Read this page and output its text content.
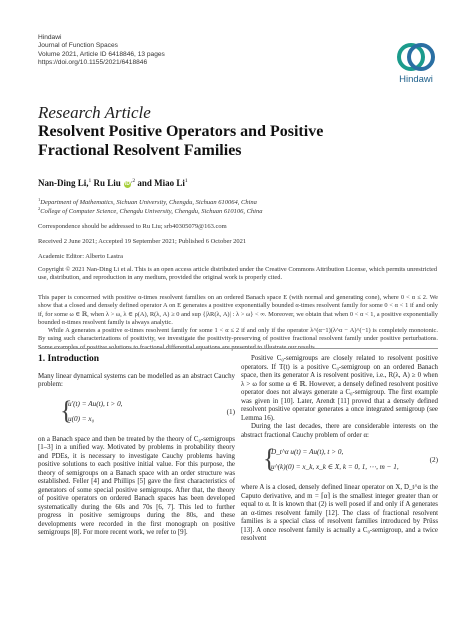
Hindawi
Journal of Function Spaces
Volume 2021, Article ID 6418846, 13 pages
https://doi.org/10.1155/2021/6418846
Hindawi
Research Article
Resolvent Positive Operators and Positive Fractional Resolvent Families
Nan-Ding Li,$^1$ Ru Liu $iD^{,2}$ and Miao Li$^1$
$^1$Department of Mathematics, Sichuan University, Chengdu, Sichuan 610064, China
$^2$College of Computer Science, Chengdu University, Chengdu, Sichuan 610106, China
Correspondence should be addressed to Ru Liu; srb40305079@163.com
Received 2 June 2021; Accepted 19 September 2021; Published 6 October 2021
Academic Editor: Alberto Lastra
Copyright © 2021 Nan-Ding Li et al. This is an open access article distributed under the Creative Commons Attribution License, which permits unrestricted use, distribution, and reproduction in any medium, provided the original work is properly cited.

This paper is concerned with positive α-times resolvent families on an ordered Banach space E (with normal and generating cone), where 0 < α ≤ 2. We show that a closed and densely defined operator A on E generates a positive exponentially bounded α-times resolvent family for some 0 < α < 1 if and only if, for some ω ∈ ℝ, when λ > ω, λ ∈ ρ(A), R(λ, A) ≥ 0 and sup {|λR(λ, A)| : λ > ω} < ∞. Moreover, we obtain that when 0 < α < 1, a positive exponentially bounded α-times resolvent family is always analytic.

While A generates a positive α-times resolvent family for some 1 < α ≤ 2 if and only if the operator λ^(α−1)(λ^α − A)^(−1) is completely monotonic. By using such characterizations of positivity, we investigate the positivity-preserving of positive fractional resolvent family under positive perturbations. Some examples of positive solutions to fractional differential equations are presented to illustrate our results.

1. Introduction

Many linear dynamical systems can be modelled as an abstract Cauchy problem:

{
u′(t) = Au(t), t > 0,
u(0) = x₀
(1)

on a Banach space and then be treated by the theory of C₀-semigroups [1–3] in a unified way. Motivated by problems in probability theory and PDEs, it is necessary to investigate Cauchy problems having positive solutions to each positive initial value. For this purpose, the theory of semigroups on a Banach space with an order structure was established. Feller [4] and Phillips [5] gave the first characteristics of generators of some special positive semigroups. After that, the theory of positive operators on ordered Banach spaces has been developed systematically during the 60s and 70s [6, 7]. This led to further progress in positive semigroups during the 80s, and these developments were recorded in the first monograph on positive semigroups [8]. For more recent work, we refer to [9].

Positive C₀-semigroups are closely related to resolvent positive operators. If T(t) is a positive C₀-semigroup on an ordered Banach space, then its generator A is resolvent positive, i.e., R(λ, A) ≥ 0 when λ > ω for some ω ∈ ℝ. However, a densely defined resolvent positive operator does not always generate a C₀-semigroup. The first example was given in [10]. Later, Arendt [11] proved that a densely defined resolvent positive operator generates a once integrated semigroup (see Lemma 16).

During the last decades, there are considerable interests on the abstract fractional Cauchy problem of order α:

{
D_t^α u(t) = Au(t), t > 0,
u^(k)(0) = x_k, x_k ∈ X, k = 0, 1, ⋯, m − 1,
(2)

where A is a closed, densely defined linear operator on X, D_t^α is the Caputo derivative, and m = ⌈α⌉ is the smallest integer greater than or equal to α. It is known that (2) is well posed if and only if A generates an α-times resolvent family [12]. The class of fractional resolvent families is a special class of resolvent families introduced by Prüss [13]. A once resolvent family is actually a C₀-semigroup, and a twice resolvent
